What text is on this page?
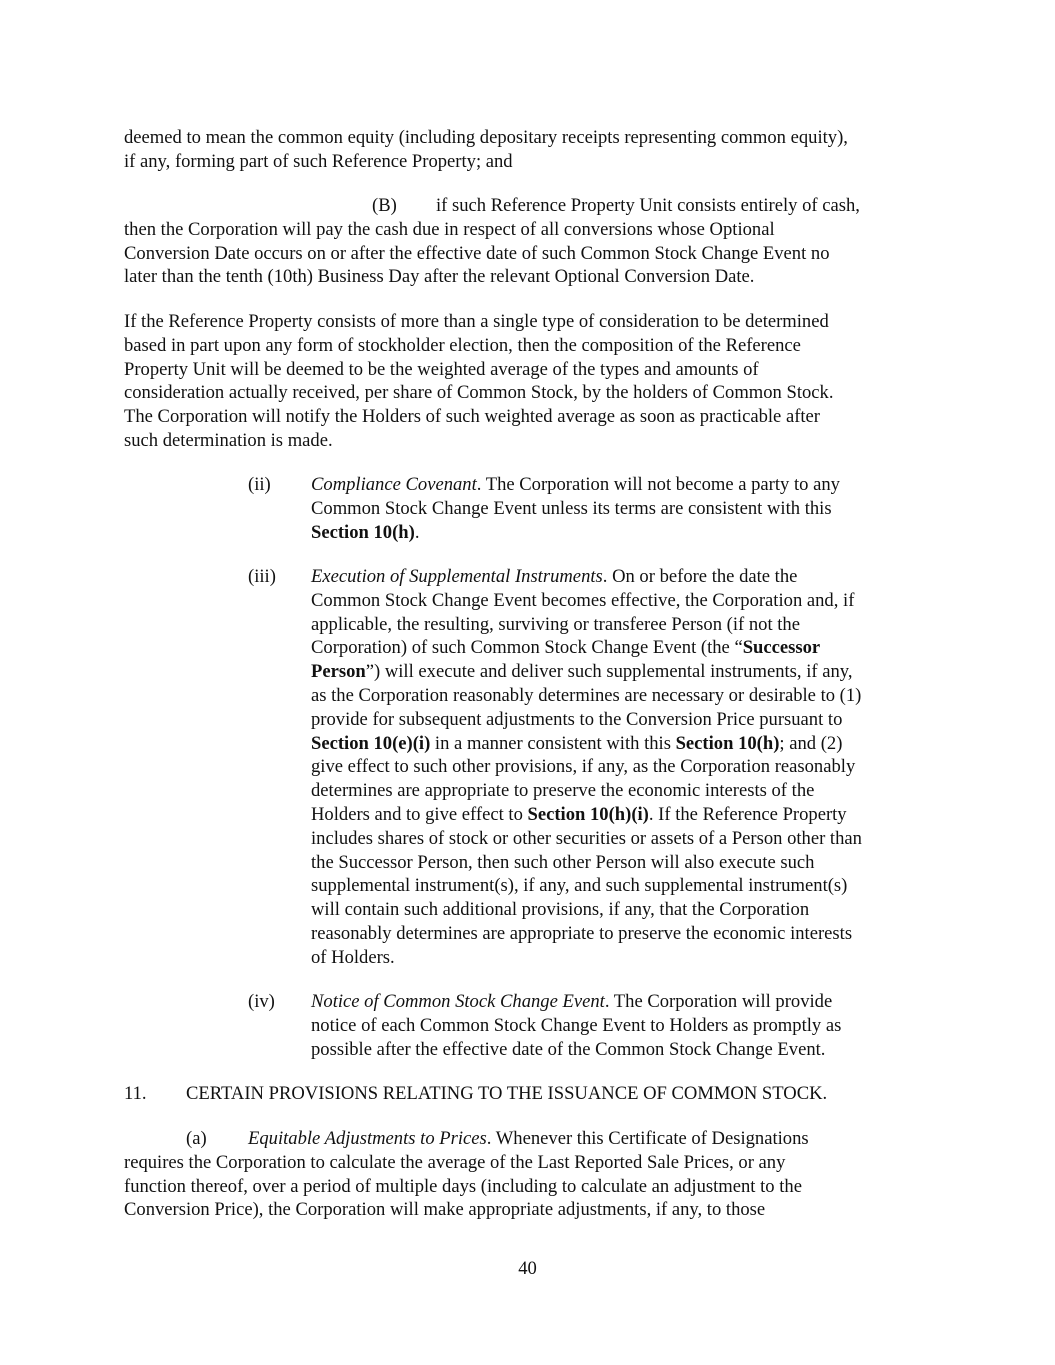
deemed to mean the common equity (including depositary receipts representing common equity),
if any, forming part of such Reference Property; and
(B)	if such Reference Property Unit consists entirely of cash,
then the Corporation will pay the cash due in respect of all conversions whose Optional
Conversion Date occurs on or after the effective date of such Common Stock Change Event no
later than the tenth (10th) Business Day after the relevant Optional Conversion Date.
If the Reference Property consists of more than a single type of consideration to be determined
based in part upon any form of stockholder election, then the composition of the Reference
Property Unit will be deemed to be the weighted average of the types and amounts of
consideration actually received, per share of Common Stock, by the holders of Common Stock.
The Corporation will notify the Holders of such weighted average as soon as practicable after
such determination is made.
(ii) Compliance Covenant. The Corporation will not become a party to any
Common Stock Change Event unless its terms are consistent with this
Section 10(h).
(iii) Execution of Supplemental Instruments. On or before the date the
Common Stock Change Event becomes effective, the Corporation and, if
applicable, the resulting, surviving or transferee Person (if not the
Corporation) of such Common Stock Change Event (the “Successor
Person”) will execute and deliver such supplemental instruments, if any,
as the Corporation reasonably determines are necessary or desirable to (1)
provide for subsequent adjustments to the Conversion Price pursuant to
Section 10(e)(i) in a manner consistent with this Section 10(h); and (2)
give effect to such other provisions, if any, as the Corporation reasonably
determines are appropriate to preserve the economic interests of the
Holders and to give effect to Section 10(h)(i). If the Reference Property
includes shares of stock or other securities or assets of a Person other than
the Successor Person, then such other Person will also execute such
supplemental instrument(s), if any, and such supplemental instrument(s)
will contain such additional provisions, if any, that the Corporation
reasonably determines are appropriate to preserve the economic interests
of Holders.
(iv) Notice of Common Stock Change Event. The Corporation will provide
notice of each Common Stock Change Event to Holders as promptly as
possible after the effective date of the Common Stock Change Event.
11.	CERTAIN PROVISIONS RELATING TO THE ISSUANCE OF COMMON STOCK.
(a)	Equitable Adjustments to Prices. Whenever this Certificate of Designations
requires the Corporation to calculate the average of the Last Reported Sale Prices, or any
function thereof, over a period of multiple days (including to calculate an adjustment to the
Conversion Price), the Corporation will make appropriate adjustments, if any, to those
40
